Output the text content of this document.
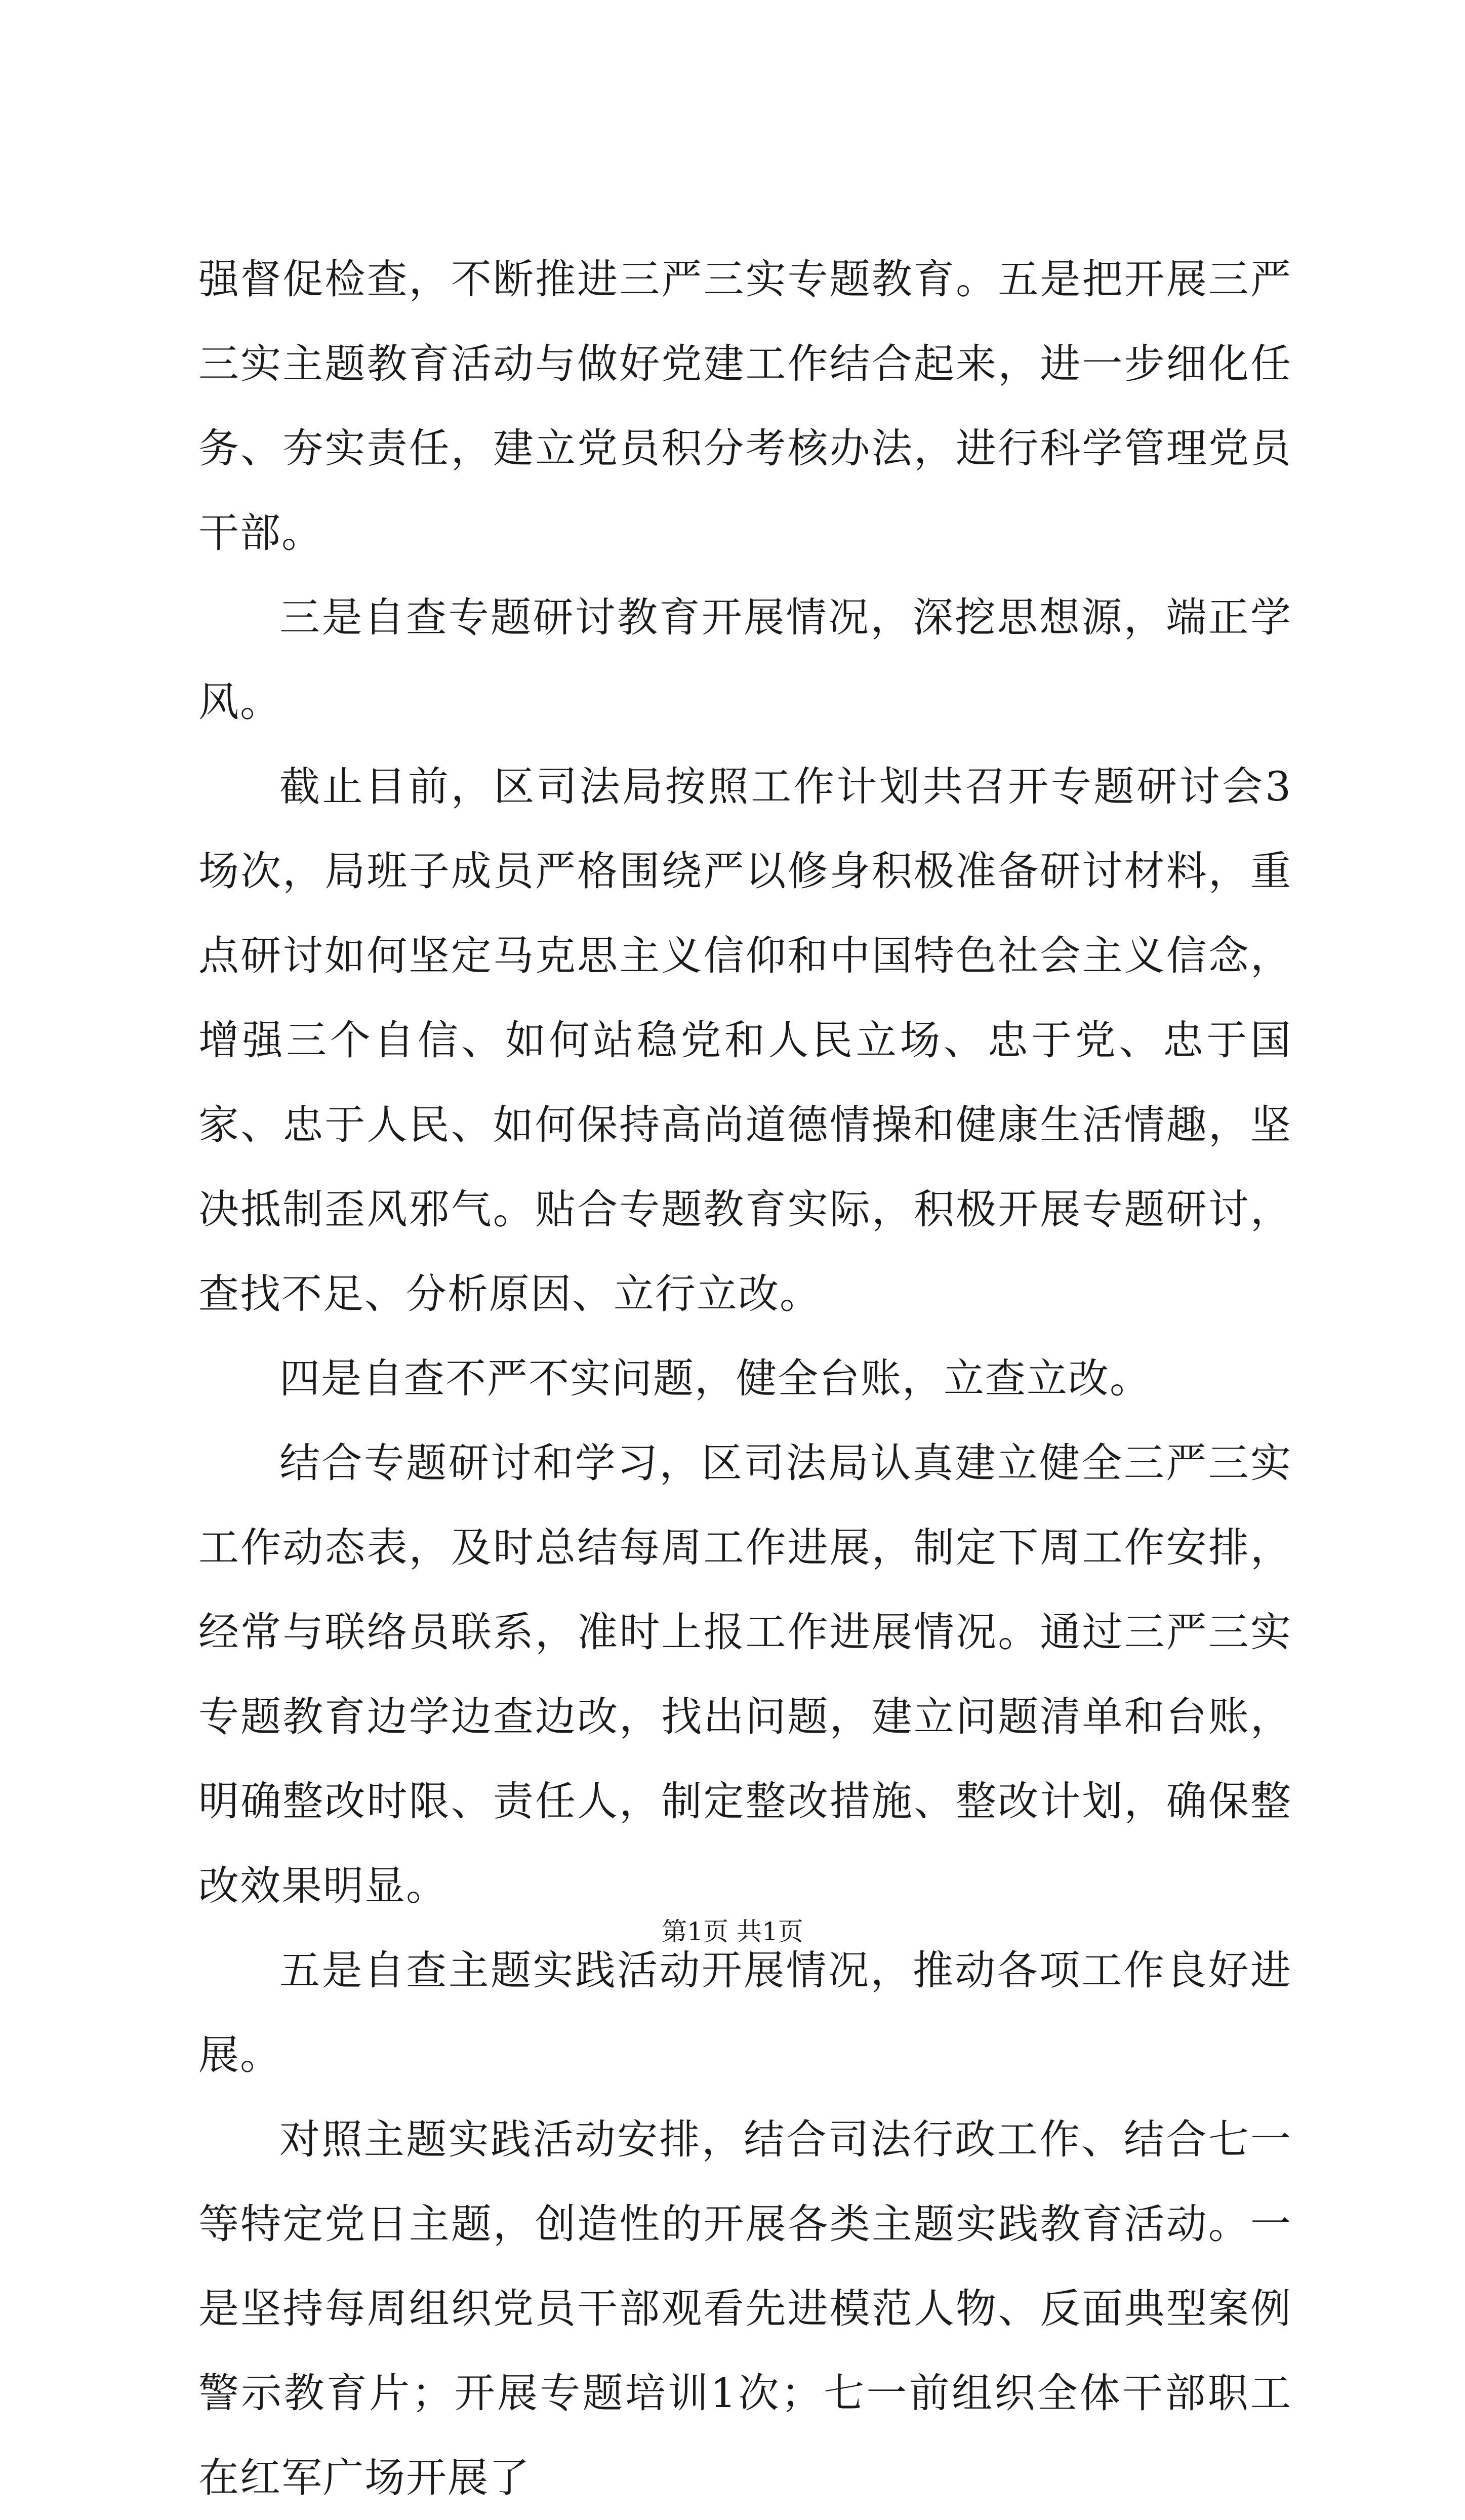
强督促检查，不断推进三严三实专题教育。五是把开展三严三实主题教育活动与做好党建工作结合起来，进一步细化任务、夯实责任，建立党员积分考核办法，进行科学管理党员干部。

三是自查专题研讨教育开展情况，深挖思想源，端正学风。

截止目前，区司法局按照工作计划共召开专题研讨会3场次，局班子成员严格围绕严以修身积极准备研讨材料，重点研讨如何坚定马克思主义信仰和中国特色社会主义信念，增强三个自信、如何站稳党和人民立场、忠于党、忠于国家、忠于人民、如何保持高尚道德情操和健康生活情趣，坚决抵制歪风邪气。贴合专题教育实际，积极开展专题研讨，查找不足、分析原因、立行立改。

四是自查不严不实问题，健全台账，立查立改。

结合专题研讨和学习，区司法局认真建立健全三严三实工作动态表，及时总结每周工作进展，制定下周工作安排，经常与联络员联系，准时上报工作进展情况。通过三严三实专题教育边学边查边改，找出问题，建立问题清单和台账，明确整改时限、责任人，制定整改措施、整改计划，确保整改效果明显。

五是自查主题实践活动开展情况，推动各项工作良好进展。

对照主题实践活动安排，结合司法行政工作、结合七一等特定党日主题，创造性的开展各类主题实践教育活动。一是坚持每周组织党员干部观看先进模范人物、反面典型案例警示教育片；开展专题培训1次；七一前组织全体干部职工在红军广场开展了

第1页 共1页
